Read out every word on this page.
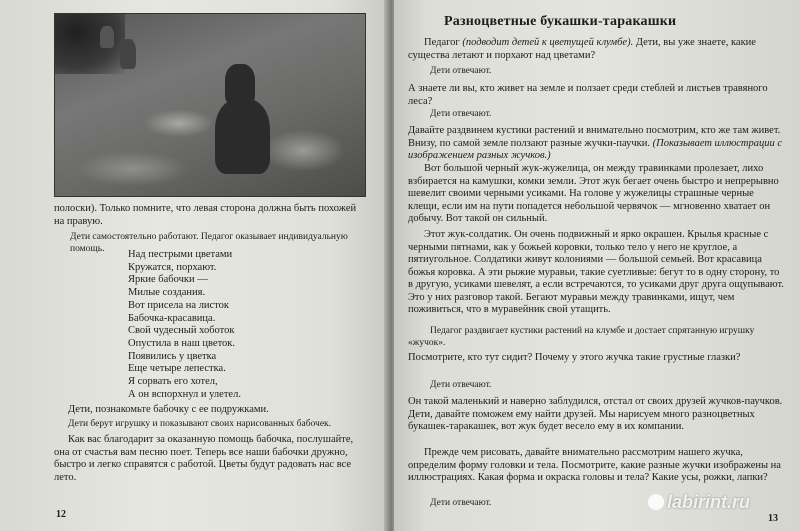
полоски). Только помните, что левая сторона должна быть похожей на правую.

Дети самостоятельно работают. Педагог оказывает индивидуальную помощь.

Над пестрыми цветами
Кружатся, порхают.
Яркие бабочки —
Милые создания.
Вот присела на листок
Бабочка-красавица.
Свой чудесный хоботок
Опустила в наш цветок.
Появились у цветка
Еще четыре лепестка.
Я сорвать его хотел,
А он вспорхнул и улетел.

Дети, познакомьте бабочку с ее подружками.

Дети берут игрушку и показывают своих нарисованных бабочек.

Как вас благодарит за оказанную помощь бабочка, послушайте, она от счастья вам песню поет. Теперь все наши бабочки дружно, быстро и легко справятся с работой. Цветы будут радовать нас все лето.

12
Разноцветные букашки-таракашки

Педагог (подводит детей к цветущей клумбе). Дети, вы уже знаете, какие существа летают и порхают над цветами?

Дети отвечают.

А знаете ли вы, кто живет на земле и ползает среди стеблей и листьев травяного леса?

Дети отвечают.

Давайте раздвинем кустики растений и внимательно посмотрим, кто же там живет. Внизу, по самой земле ползают разные жучки-паучки. (Показывает иллюстрации с изображением разных жучков.)

Вот большой черный жук-жужелица, он между травинками пролезает, лихо взбирается на камушки, комки земли. Этот жук бегает очень быстро и непрерывно шевелит своими черными усиками. На голове у жужелицы страшные черные клещи, если им на пути попадется небольшой червячок — мгновенно хватает он добычу. Вот такой он сильный.

Этот жук-солдатик. Он очень подвижный и ярко окрашен. Крылья красные с черными пятнами, как у божьей коровки, только тело у него не круглое, а пятиугольное. Солдатики живут колониями — большой семьей. Вот красавица божья коровка. А эти рыжие муравьи, такие суетливые: бегут то в одну сторону, то в другую, усиками шевелят, а если встречаются, то усиками друг друга ощупывают. Это у них разговор такой. Бегают муравьи между травинками, ищут, чем поживиться, что в муравейник свой утащить.

Педагог раздвигает кустики растений на клумбе и достает спрятанную игрушку «жучок».

Посмотрите, кто тут сидит? Почему у этого жучка такие грустные глазки?

Дети отвечают.

Он такой маленький и наверно заблудился, отстал от своих друзей жучков-паучков. Дети, давайте поможем ему найти друзей. Мы нарисуем много разноцветных букашек-таракашек, вот жук будет весело ему в их компании.

Прежде чем рисовать, давайте внимательно рассмотрим нашего жучка, определим форму головки и тела. Посмотрите, какие разные жучки изображены на иллюстрациях. Какая форма и окраска головы и тела? Какие усы, рожки, лапки?

Дети отвечают.

13
labirint.ru
